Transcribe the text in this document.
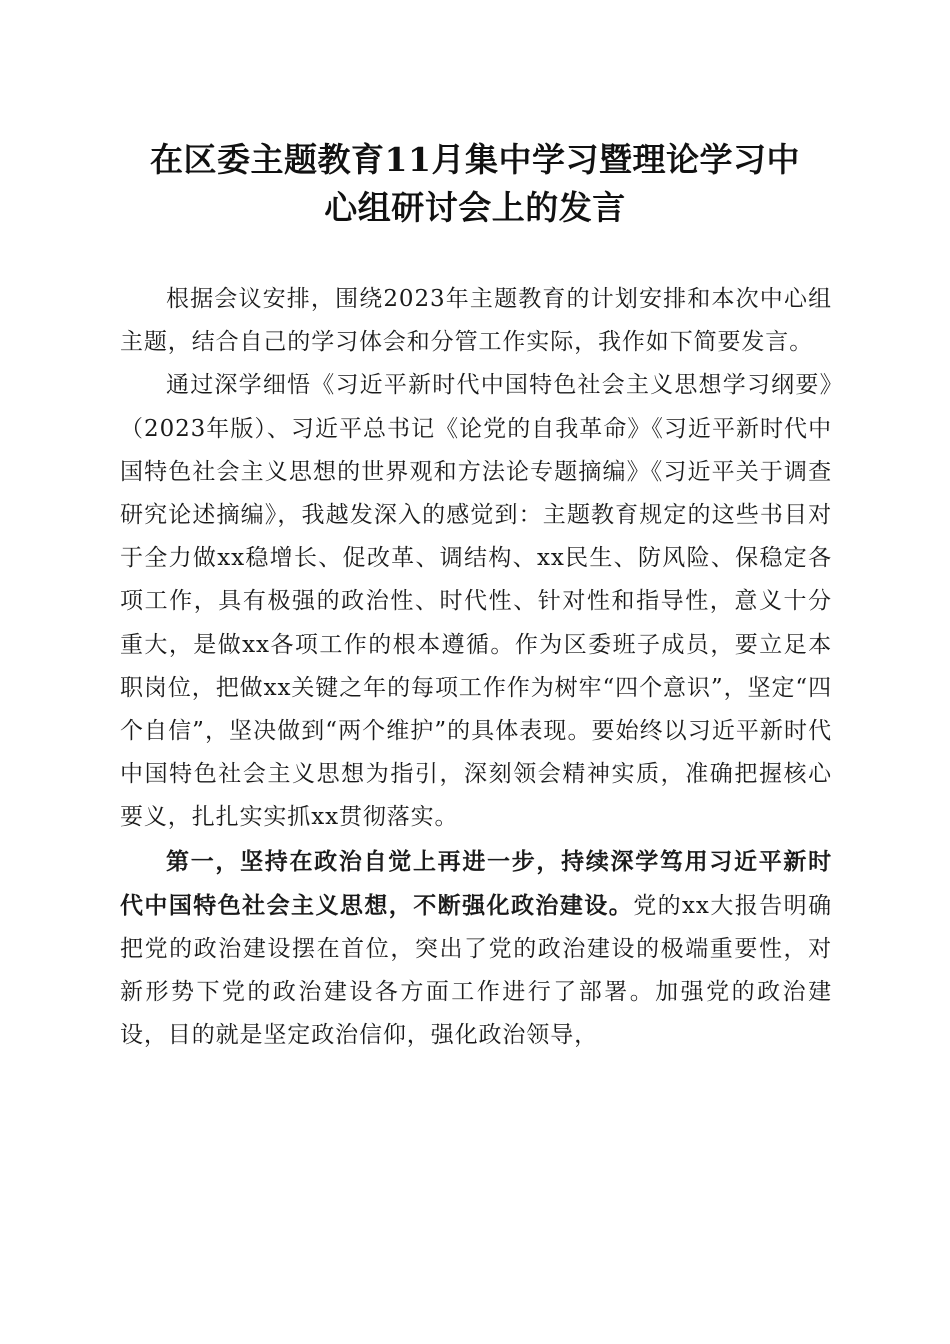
在区委主题教育11月集中学习暨理论学习中
心组研讨会上的发言

根据会议安排，围绕2023年主题教育的计划安排和本次中心组主题，结合自己的学习体会和分管工作实际，我作如下简要发言。

通过深学细悟《习近平新时代中国特色社会主义思想学习纲要》（2023年版）、习近平总书记《论党的自我革命》《习近平新时代中国特色社会主义思想的世界观和方法论专题摘编》《习近平关于调查研究论述摘编》，我越发深入的感觉到：主题教育规定的这些书目对于全力做xx稳增长、促改革、调结构、xx民生、防风险、保稳定各项工作，具有极强的政治性、时代性、针对性和指导性，意义十分重大，是做xx各项工作的根本遵循。作为区委班子成员，要立足本职岗位，把做xx关键之年的每项工作作为树牢“四个意识”，坚定“四个自信”，坚决做到“两个维护”的具体表现。要始终以习近平新时代中国特色社会主义思想为指引，深刻领会精神实质，准确把握核心要义，扎扎实实抓xx贯彻落实。

第一，坚持在政治自觉上再进一步，持续深学笃用习近平新时代中国特色社会主义思想，不断强化政治建设。党的xx大报告明确把党的政治建设摆在首位，突出了党的政治建设的极端重要性，对新形势下党的政治建设各方面工作进行了部署。加强党的政治建设，目的就是坚定政治信仰，强化政治领导，
